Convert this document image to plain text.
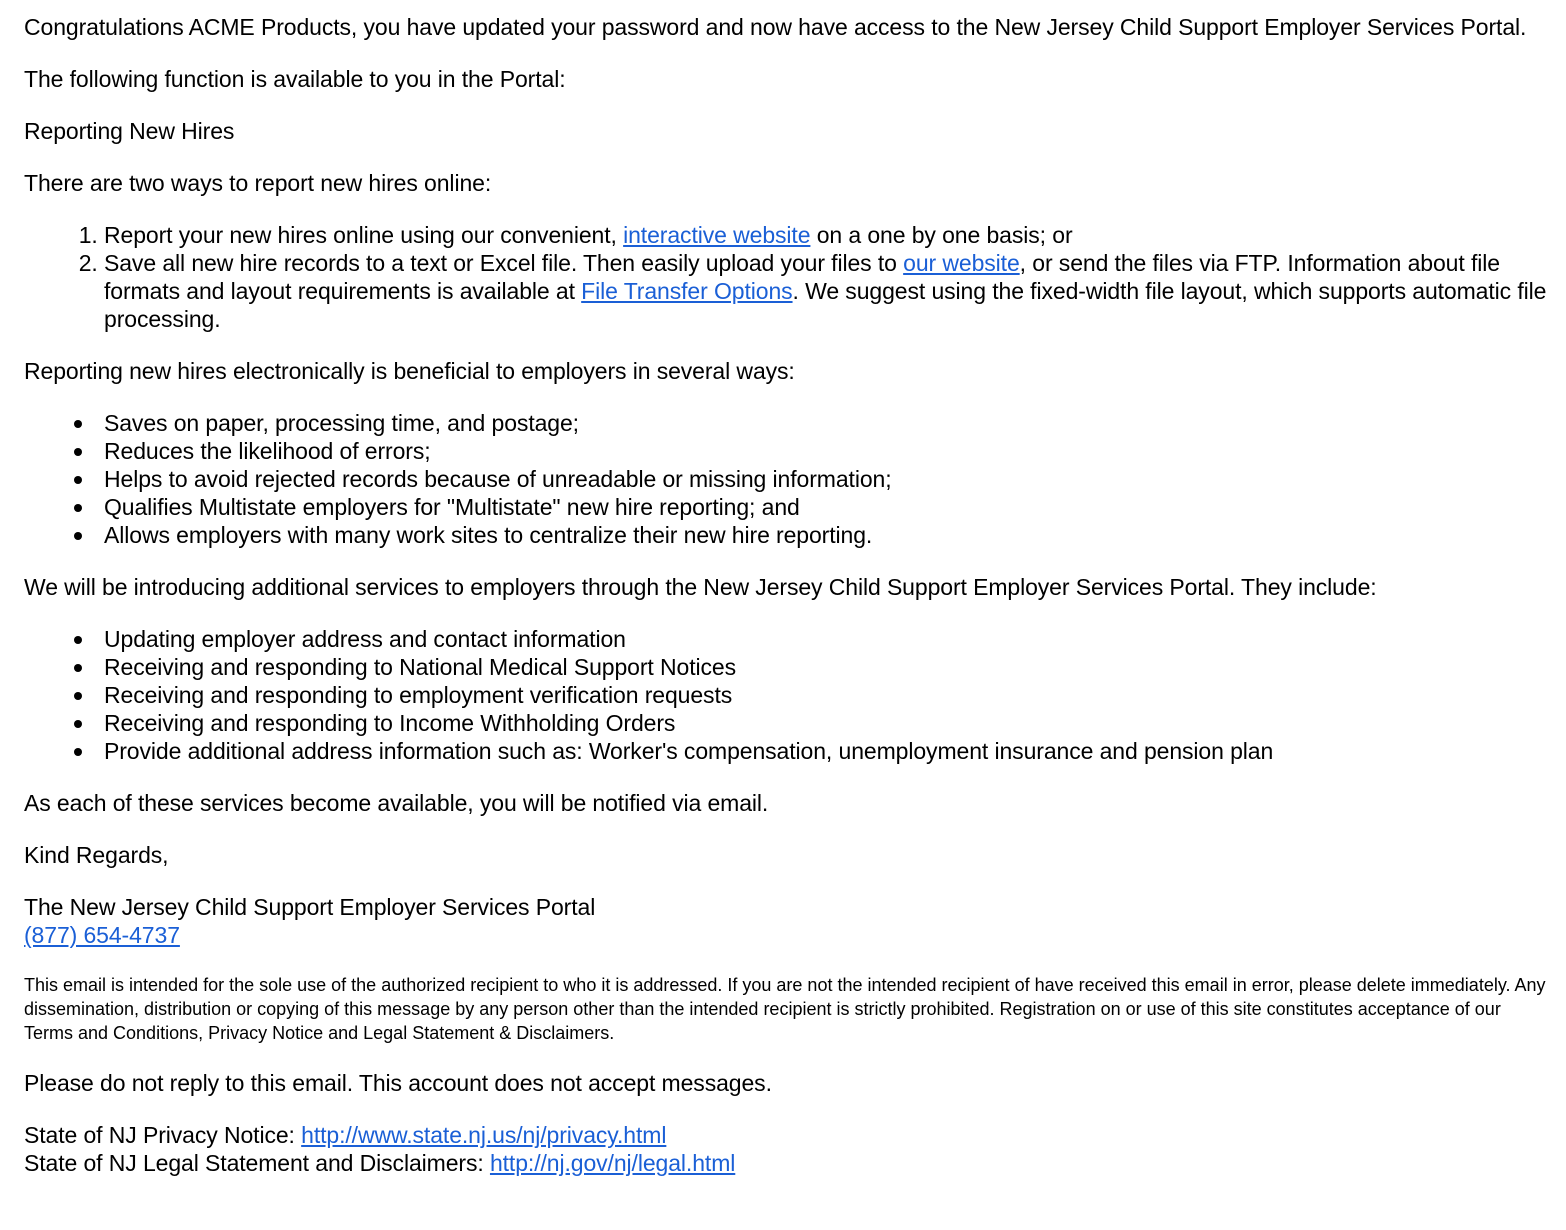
Congratulations ACME Products, you have updated your password and now have access to the New Jersey Child Support Employer Services Portal.

The following function is available to you in the Portal:

Reporting New Hires

There are two ways to report new hires online:

1. Report your new hires online using our convenient, interactive website on a one by one basis; or
2. Save all new hire records to a text or Excel file. Then easily upload your files to our website, or send the files via FTP. Information about file formats and layout requirements is available at File Transfer Options. We suggest using the fixed-width file layout, which supports automatic file processing.

Reporting new hires electronically is beneficial to employers in several ways:

Saves on paper, processing time, and postage;
Reduces the likelihood of errors;
Helps to avoid rejected records because of unreadable or missing information;
Qualifies Multistate employers for "Multistate" new hire reporting; and
Allows employers with many work sites to centralize their new hire reporting.

We will be introducing additional services to employers through the New Jersey Child Support Employer Services Portal. They include:

Updating employer address and contact information
Receiving and responding to National Medical Support Notices
Receiving and responding to employment verification requests
Receiving and responding to Income Withholding Orders
Provide additional address information such as: Worker's compensation, unemployment insurance and pension plan

As each of these services become available, you will be notified via email.

Kind Regards,

The New Jersey Child Support Employer Services Portal
(877) 654-4737

This email is intended for the sole use of the authorized recipient to who it is addressed. If you are not the intended recipient of have received this email in error, please delete immediately. Any dissemination, distribution or copying of this message by any person other than the intended recipient is strictly prohibited. Registration on or use of this site constitutes acceptance of our Terms and Conditions, Privacy Notice and Legal Statement & Disclaimers.

Please do not reply to this email. This account does not accept messages.

State of NJ Privacy Notice: http://www.state.nj.us/nj/privacy.html
State of NJ Legal Statement and Disclaimers: http://nj.gov/nj/legal.html
